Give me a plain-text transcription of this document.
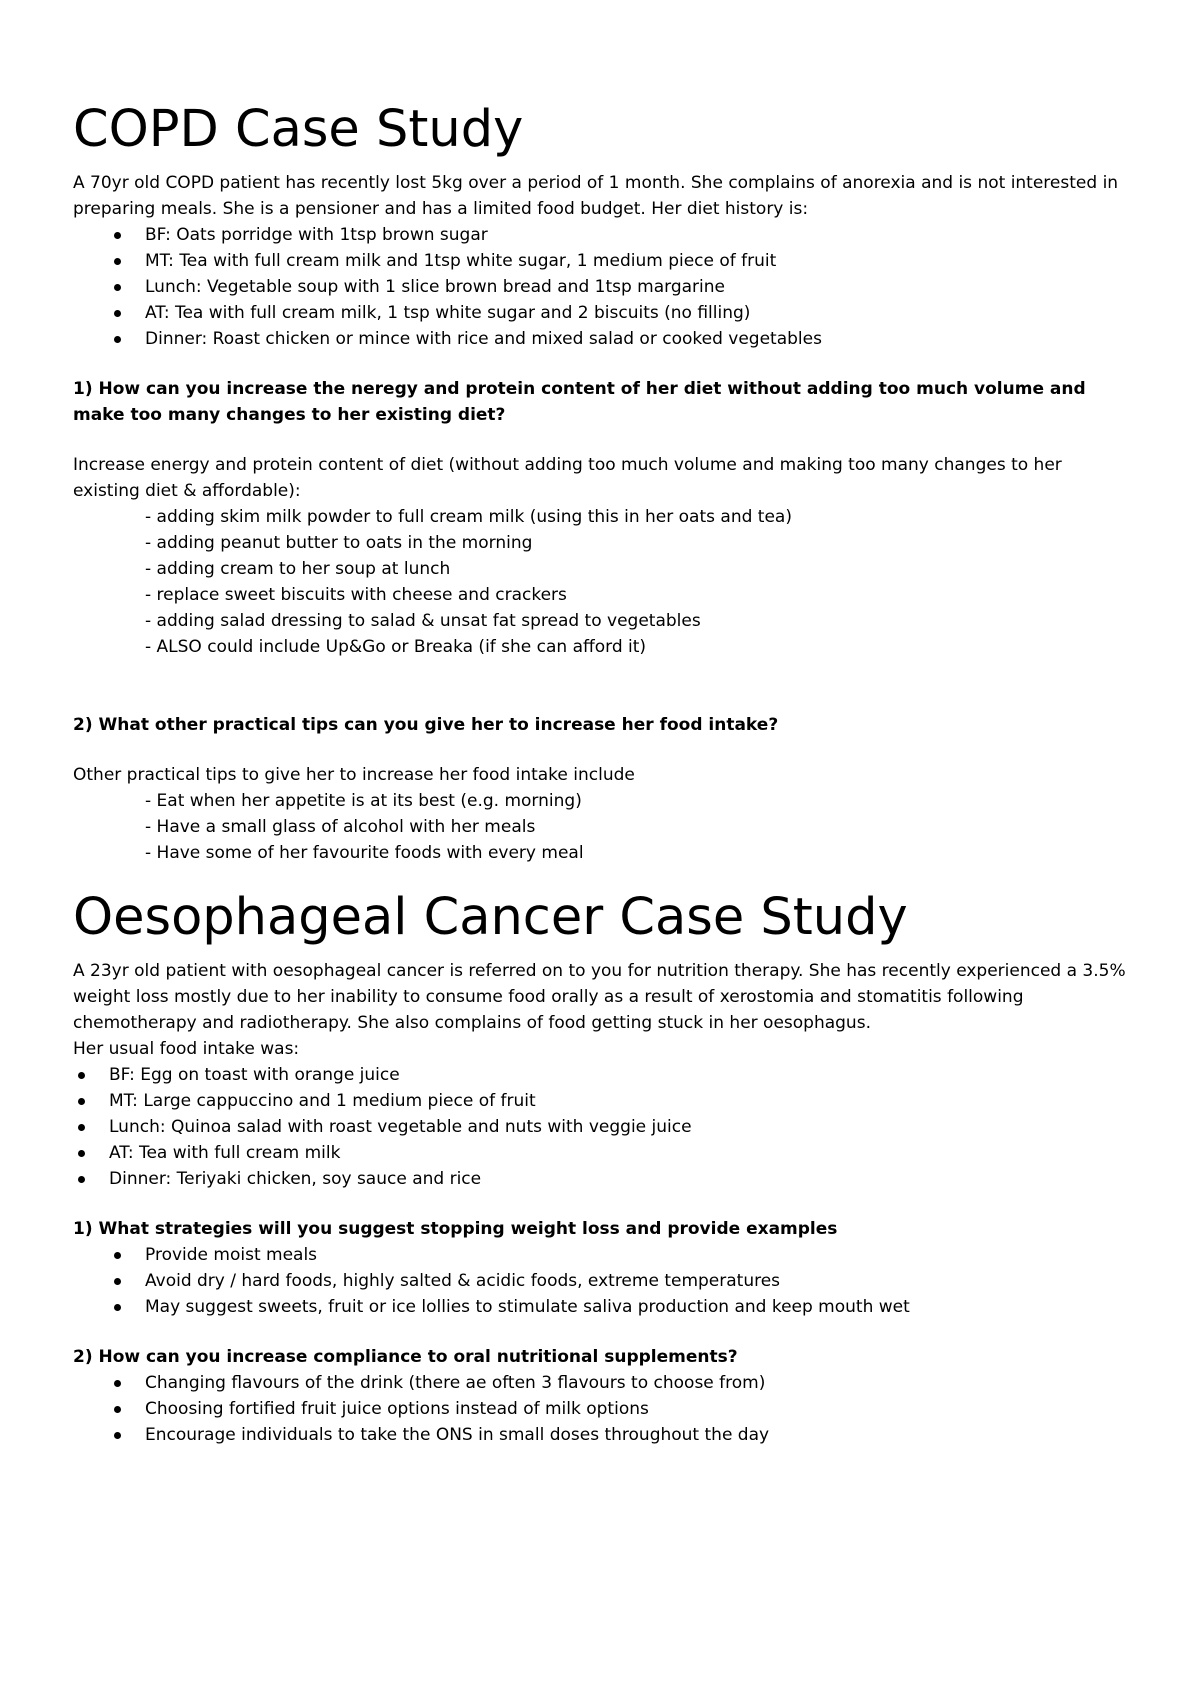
COPD Case Study

A 70yr old COPD patient has recently lost 5kg over a period of 1 month. She complains of anorexia and is not interested in preparing meals. She is a pensioner and has a limited food budget. Her diet history is:

BF: Oats porridge with 1tsp brown sugar
MT: Tea with full cream milk and 1tsp white sugar, 1 medium piece of fruit
Lunch: Vegetable soup with 1 slice brown bread and 1tsp margarine
AT: Tea with full cream milk, 1 tsp white sugar and 2 biscuits (no filling)
Dinner: Roast chicken or mince with rice and mixed salad or cooked vegetables

1) How can you increase the neregy and protein content of her diet without adding too much volume and make too many changes to her existing diet?

Increase energy and protein content of diet (without adding too much volume and making too many changes to her existing diet & affordable):

- adding skim milk powder to full cream milk (using this in her oats and tea)
- adding peanut butter to oats in the morning
- adding cream to her soup at lunch
- replace sweet biscuits with cheese and crackers
- adding salad dressing to salad & unsat fat spread to vegetables
- ALSO could include Up&Go or Breaka (if she can afford it)

2) What other practical tips can you give her to increase her food intake?

Other practical tips to give her to increase her food intake include

- Eat when her appetite is at its best (e.g. morning)
- Have a small glass of alcohol with her meals
- Have some of her favourite foods with every meal
Oesophageal Cancer Case Study

A 23yr old patient with oesophageal cancer is referred on to you for nutrition therapy. She has recently experienced a 3.5% weight loss mostly due to her inability to consume food orally as a result of xerostomia and stomatitis following chemotherapy and radiotherapy. She also complains of food getting stuck in her oesophagus.

Her usual food intake was:

BF: Egg on toast with orange juice
MT: Large cappuccino and 1 medium piece of fruit
Lunch: Quinoa salad with roast vegetable and nuts with veggie juice
AT: Tea with full cream milk
Dinner: Teriyaki chicken, soy sauce and rice

1) What strategies will you suggest stopping weight loss and provide examples

Provide moist meals
Avoid dry / hard foods, highly salted & acidic foods, extreme temperatures
May suggest sweets, fruit or ice lollies to stimulate saliva production and keep mouth wet

2) How can you increase compliance to oral nutritional supplements?

Changing flavours of the drink (there ae often 3 flavours to choose from)
Choosing fortified fruit juice options instead of milk options
Encourage individuals to take the ONS in small doses throughout the day
